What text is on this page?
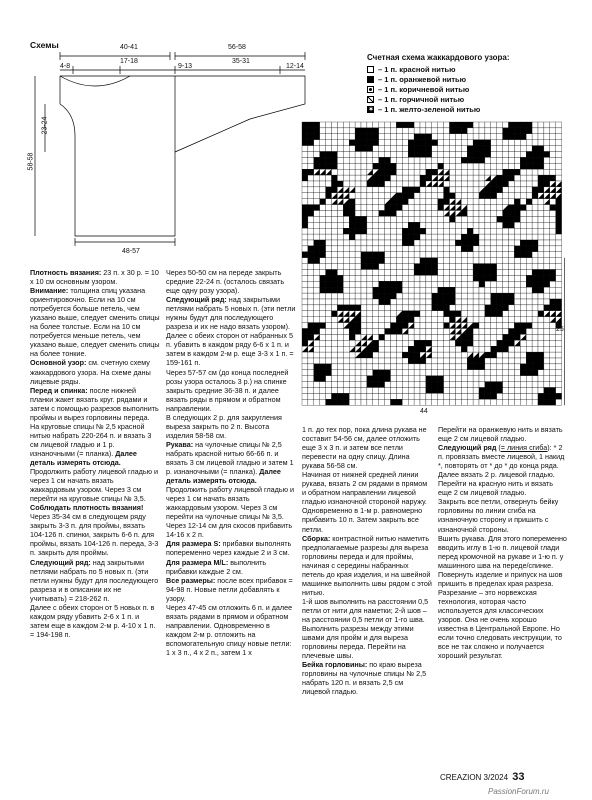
Схемы	40-41	56-58
4-8
17-18
9-13
35-31
12-14
23-24
58-58
48-57
Счетная схема жаккардового узора:
– 1 п. красной нитью
– 1 п. оранжевой нитью
– 1 п. коричневой нитью
– 1 п. горчичной нитью
✶
– 1 п. желто-зеленой нитью
25
44

Плотность вязания: 23 п. х 30 р. = 10 х 10 см основным узором.

Внимание: толщина спиц указана ориентировочно. Если на 10 см потребуется больше петель, чем указано выше, следует сменить спицы на более толстые. Если на 10 см потребуется меньше петель, чем указано выше, следует сменить спицы на более тонкие.

Основной узор: см. счетную схему жаккардового узора. На схеме даны лицевые ряды.

Перед и спинка: после нижней планки жакет вязать круг. рядами и затем с помощью разрезов выполнить проймы и вырез горловины переда. На круговые спицы № 2,5 красной нитью набрать 220-264 п. и вязать 3 см лицевой гладью и 1 р. изнаночными (= планка). Далее деталь измерять отсюда.

Продолжить работу лицевой гладью и через 1 см начать вязать жаккардовым узором. Через 3 см перейти на круговые спицы № 3,5. Соблюдать плотность вязания!

Через 35-34 см в следующем ряду закрыть 3-3 п. для проймы, вязать 104-126 п. спинки, закрыть 6-6 п. для проймы, вязать 104-126 п. переда, 3-3 п. закрыть для проймы.

Следующий ряд: над закрытыми петлями набрать по 5 новых п. (эти петли нужны будут для последующего разреза и в описании их не учитывать) = 218-262 п.

Далее с обеих сторон от 5 новых п. в каждом ряду убавить 2-6 х 1 п. и затем еще в каждом 2-м р. 4-10 х 1 п. = 194-198 п.

Через 50-50 см на переде закрыть средние 22-24 п. (осталось связать еще одну розу узора).

Следующий ряд: над закрытыми петлями набрать 5 новых п. (эти петли нужны будут для последующего разреза и их не надо вязать узором).

Далее с обеих сторон от набранных 5 п. убавить в каждом ряду 6-6 х 1 п. и затем в каждом 2-м р. еще 3-3 х 1 п. = 159-161 п.

Через 57-57 см (до конца последней розы узора осталось 3 р.) на спинке закрыть средние 36-38 п. и далее вязать ряды в прямом и обратном направлении.

В следующих 2 р. для закругления выреза закрыть по 2 п. Высота изделия 58-58 см.

Рукава: на чулочные спицы № 2,5 набрать красной нитью 66-66 п. и вязать 3 см лицевой гладью и затем 1 р. изнаночными (= планка). Далее деталь измерять отсюда.

Продолжить работу лицевой гладью и через 1 см начать вязать жаккардовым узором. Через 3 см перейти на чулочные спицы № 3,5.

Через 12-14 см для скосов прибавить 14-16 х 2 п.

Для размера S: прибавки выполнять попеременно через каждые 2 и 3 см.

Для размера M/L: выполнить прибавки каждые 2 см.

Все размеры: после всех прибавок = 94-98 п. Новые петли добавлять к узору.

Через 47-45 см отложить 6 п. и далее вязать рядами в прямом и обратном направлении. Одновременно в каждом 2-м р. отложить на вспомогательную спицу новые петли: 1 х 3 п., 4 х 2 п., затем 1 х

1 п. до тех пор, пока длина рукава не составит 54-56 см, далее отложить еще 3 х 3 п. и затем все петли перевести на одну спицу. Длина рукава 56-58 см.

Начиная от нижней средней линии рукава, вязать 2 см рядами в прямом и обратном направлении лицевой гладью изнаночной стороной наружу. Одновременно в 1-м р. равномерно прибавить 10 п. Затем закрыть все петли.

Сборка: контрастной нитью наметить предполагаемые разрезы для выреза горловины переда и для проймы, начиная с середины набранных петель до края изделия, и на швейной машинке выполнить швы рядом с этой нитью.

1-й шов выполнить на расстоянии 0,5 петли от нити для наметки; 2-й шов – на расстоянии 0,5 петли от 1-го шва. Выполнить разрезы между этими швами для пройм и для выреза горловины переда. Перейти на плечевые швы.

Бейка горловины: по краю выреза горловины на чулочные спицы № 2,5 набрать 120 п. и вязать 2,5 см лицевой гладью.

Перейти на оранжевую нить и вязать еще 2 см лицевой гладью.

Следующий ряд (= линия сгиба): * 2 п. провязать вместе лицевой, 1 накид *, повторять от * до * до конца ряда.

Далее вязать 2 р. лицевой гладью.

Перейти на красную нить и вязать еще 2 см лицевой гладью.

Закрыть все петли, отвернуть бейку горловины по линии сгиба на изнаночную сторону и пришить с изнаночной стороны.

Вшить рукава. Для этого попеременно вводить иглу в 1-ю п. лицевой глади перед кромочной на рукаве и 1-ю п. у машинного шва на переде/спинке. Повернуть изделие и припуск на шов пришить в пределах края разреза.

Разрезание – это норвежская технология, которая часто используется для классических узоров. Она не очень хорошо известна в Центральной Европе. Но если точно следовать инструкции, то все не так сложно и получается хороший результат.

CREAZION 3/2024 33
PassionForum.ru
